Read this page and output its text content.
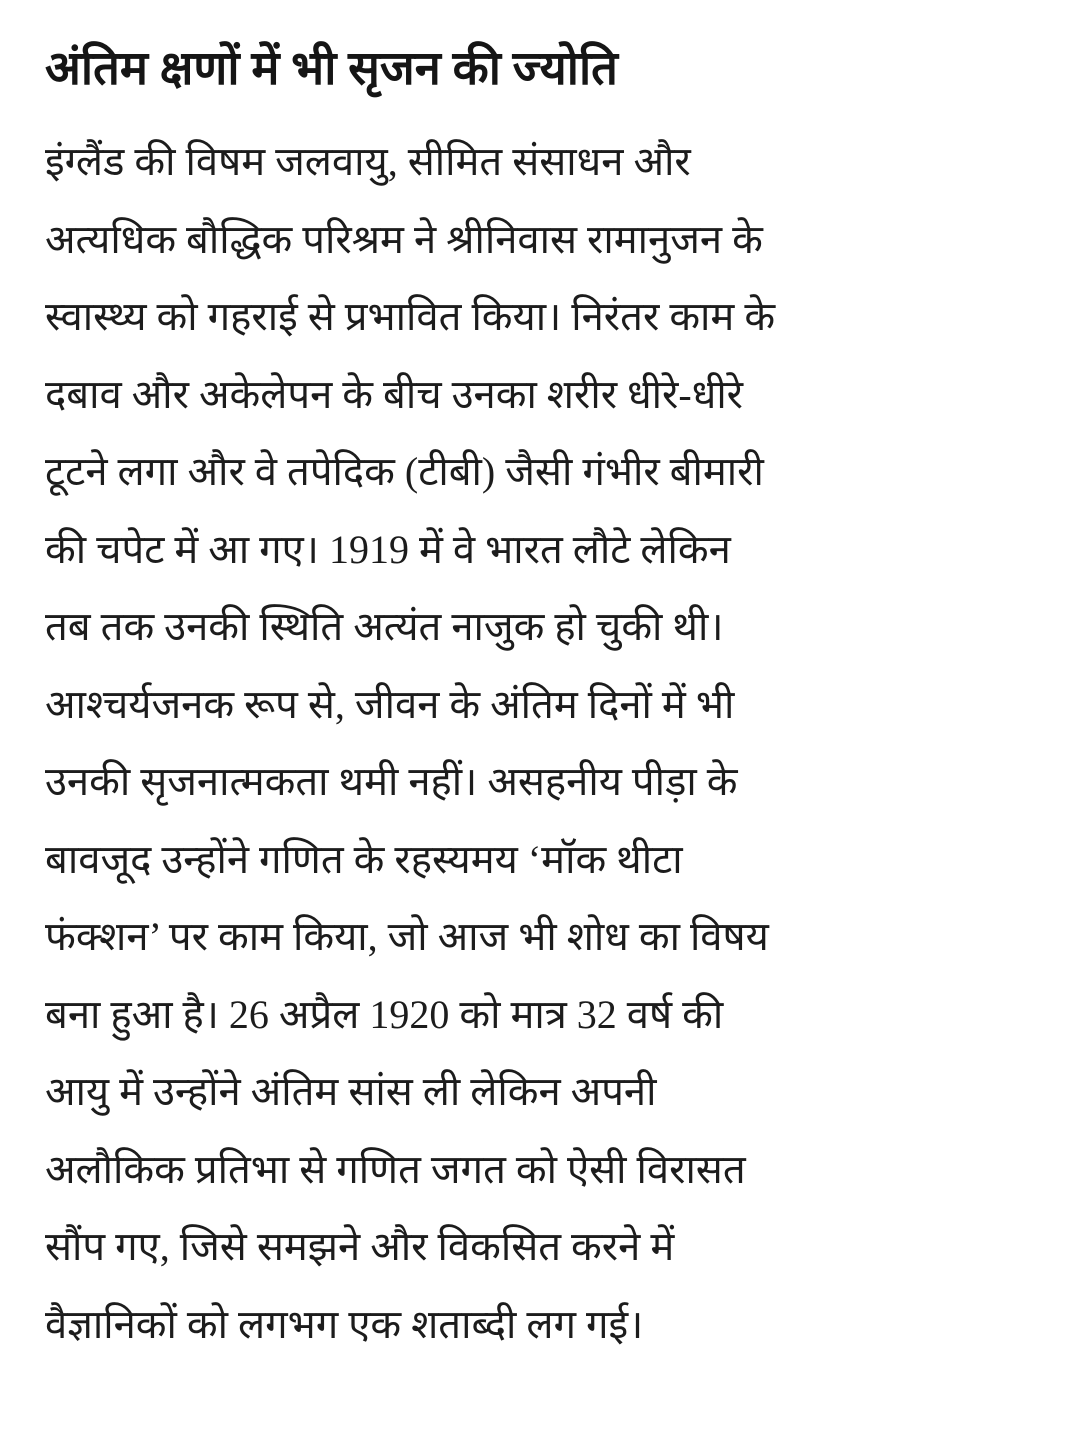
अंतिम क्षणों में भी सृजन की ज्योति

इंग्लैंड की विषम जलवायु, सीमित संसाधन और

अत्यधिक बौद्धिक परिश्रम ने श्रीनिवास रामानुजन के

स्वास्थ्य को गहराई से प्रभावित किया। निरंतर काम के

दबाव और अकेलेपन के बीच उनका शरीर धीरे-धीरे

टूटने लगा और वे तपेदिक (टीबी) जैसी गंभीर बीमारी

की चपेट में आ गए। 1919 में वे भारत लौटे लेकिन

तब तक उनकी स्थिति अत्यंत नाजुक हो चुकी थी।

आश्चर्यजनक रूप से, जीवन के अंतिम दिनों में भी

उनकी सृजनात्मकता थमी नहीं। असहनीय पीड़ा के

बावजूद उन्होंने गणित के रहस्यमय ‘मॉक थीटा

फंक्शन’ पर काम किया, जो आज भी शोध का विषय

बना हुआ है। 26 अप्रैल 1920 को मात्र 32 वर्ष की

आयु में उन्होंने अंतिम सांस ली लेकिन अपनी

अलौकिक प्रतिभा से गणित जगत को ऐसी विरासत

सौंप गए, जिसे समझने और विकसित करने में

वैज्ञानिकों को लगभग एक शताब्दी लग गई।
